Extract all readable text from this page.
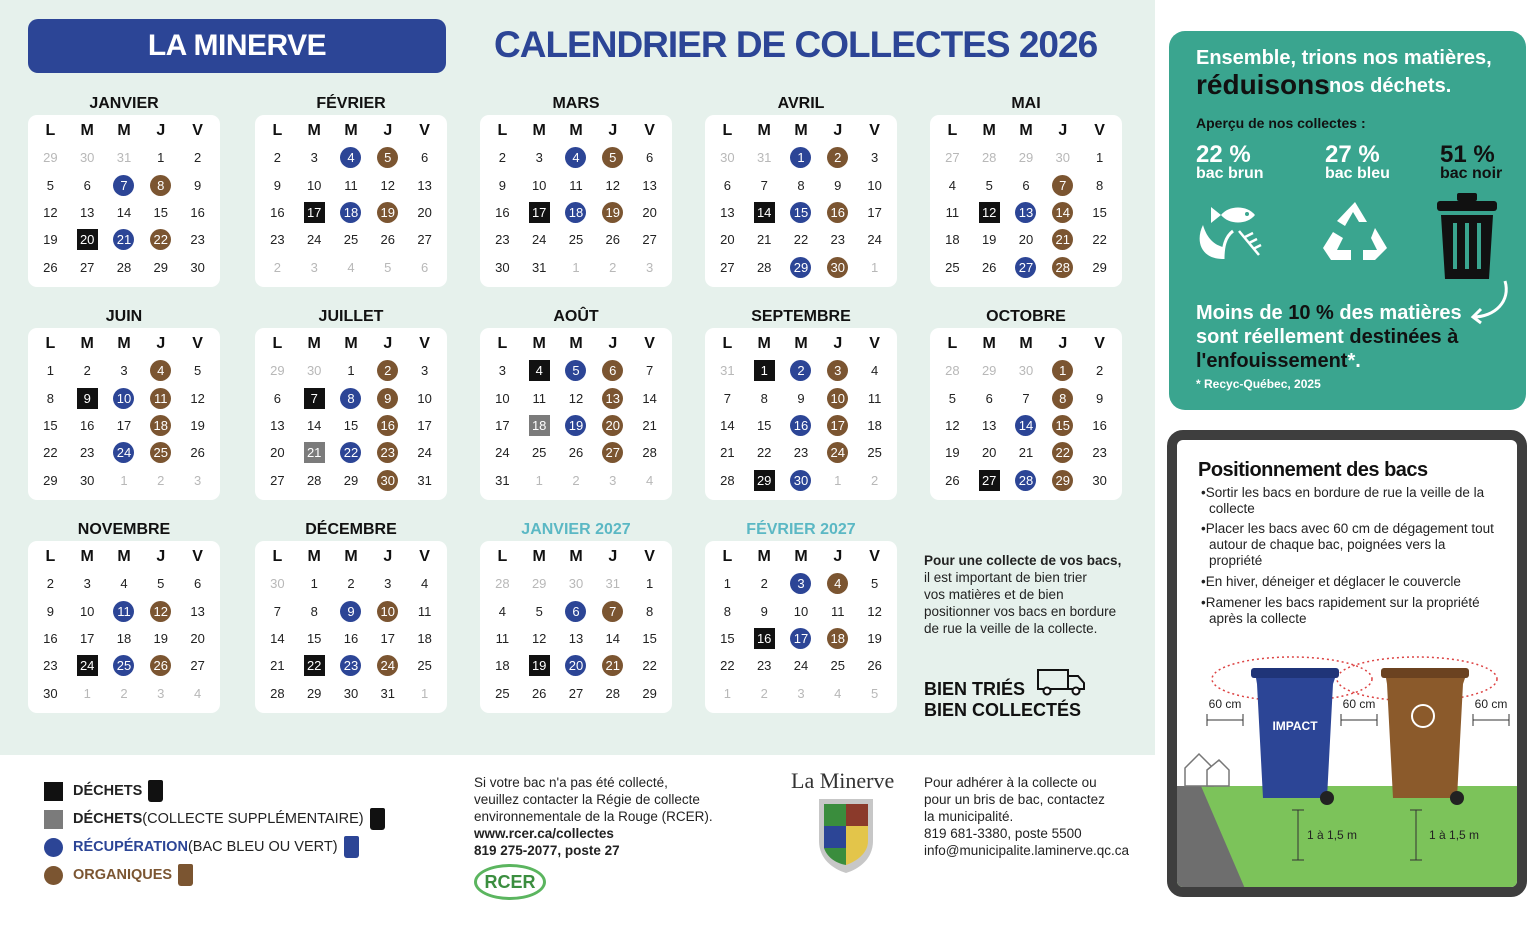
LA MINERVE	CALENDRIER DE COLLECTES 2026
JANVIER
L	M	M	J	V
29 30 31	1	2
5	6	7	8	9
12 13 14 15 16
19 20 21 22 23
26 27 28 29 30
FÉVRIER
L	M	M	J	V
2	3	4	5	6
9	10 11 12 13
16 17 18 19 20
23 24 25 26 27
2	3	4	5	6
MARS
L	M	M	J	V
2	3	4	5	6
9	10 11 12 13
16 17 18 19 20
23 24 25 26 27
30 31	1	2	3
AVRIL
L	M	M	J	V
30 31	1	2	3
6	7	8	9	10
13 14 15 16 17
20 21 22 23 24
27 28 29 30	1
MAI
L	M	M	J	V
27 28 29 30	1
4	5	6	7	8
11 12 13 14 15
18 19 20 21 22
25 26 27 28 29
JUIN
L	M	M	J	V
1	2	3	4	5
8	9	10 11 12
15 16 17 18 19
22 23 24 25 26
29 30	1	2	3
JUILLET
L	M	M	J	V
29 30	1	2	3
6	7	8	9	10
13 14 15 16 17
20 21 22 23 24
27 28 29 30 31
AOÛT
L	M	M	J	V
3	4	5	6	7
10 11 12 13 14
17 18 19 20 21
24 25 26 27 28
31	1	2	3	4
SEPTEMBRE
L	M	M	J	V
31	1	2	3	4
7	8	9	10 11
14 15 16 17 18
21 22 23 24 25
28 29 30	1	2
OCTOBRE
L	M	M	J	V
28 29 30	1	2
5	6	7	8	9
12 13 14 15 16
19 20 21 22 23
26 27 28 29 30
NOVEMBRE
L	M	M	J	V
2	3	4	5	6
9	10 11 12 13
16 17 18 19 20
23 24 25 26 27
30	1	2	3	4
DÉCEMBRE
L	M	M	J	V
30	1	2	3	4
7	8	9	10 11
14 15 16 17 18
21 22 23 24 25
28 29 30 31	1
JANVIER 2027
L	M	M	J	V
28 29 30 31	1
4	5	6	7	8
11 12 13 14 15
18 19 20 21 22
25 26 27 28 29
FÉVRIER 2027
L	M	M	J	V
1	2	3	4	5
8	9	10 11 12
15 16 17 18 19
22 23 24 25 26
1	2	3	4	5
Pour une collecte de vos bacs,
il est important de bien trier
vos matières et de bien
positionner vos bacs en bordure
de rue la veille de la collecte.
BIEN TRIÉS
BIEN COLLECTÉS
Ensemble, trions nos matières,
réduisons nos déchets.
Aperçu de nos collectes :
22 %
bac brun
27 %
bac bleu
51 %
bac noir
Moins de 10 % des matières sont réellement destinées à l'enfouissement*.
* Recyc-Québec, 2025
Positionnement des bacs
• Sortir les bacs en bordure de rue la veille de la collecte
• Placer les bacs avec 60 cm de dégagement tout autour de chaque bac, poignées vers la propriété
• En hiver, déneiger et déglacer le couvercle
• Ramener les bacs rapidement sur la propriété après la collecte
IMPACT
60 cm	60 cm	60 cm
1 à 1,5 m	1 à 1,5 m
DÉCHETS
DÉCHETS (COLLECTE SUPPLÉMENTAIRE)
RÉCUPÉRATION (BAC BLEU OU VERT)
ORGANIQUES
Si votre bac n'a pas été collecté,
veuillez contacter la Régie de collecte
environnementale de la Rouge (RCER).
www.rcer.ca/collectes
819 275-2077, poste 27
RCER
La Minerve Pour adhérer à la collecte ou
pour un bris de bac, contactez
la municipalité.
819 681-3380, poste 5500
info@municipalite.laminerve.qc.ca
